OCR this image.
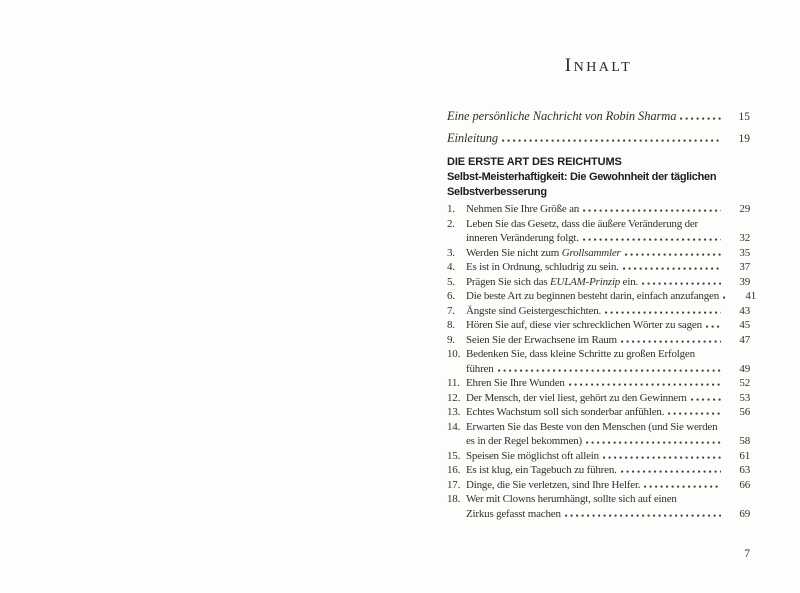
INHALT
Eine persönliche Nachricht von Robin Sharma	15
Einleitung	19
DIE ERSTE ART DES REICHTUMS
Selbst-Meisterhaftigkeit: Die Gewohnheit der täglichen
Selbstverbesserung
1.	Nehmen Sie Ihre Größe an	29
2.	Leben Sie das Gesetz, dass die äußere Veränderung der
inneren Veränderung folgt.	32
3.	Werden Sie nicht zum Grollsammler	35
4.	Es ist in Ordnung, schludrig zu sein.	37
5.	Prägen Sie sich das EULAM-Prinzip ein.	39
6.	Die beste Art zu beginnen besteht darin, einfach anzufangen	41
7.	Ängste sind Geistergeschichten.	43
8.	Hören Sie auf, diese vier schrecklichen Wörter zu sagen	45
9.	Seien Sie der Erwachsene im Raum	47
10. Bedenken Sie, dass kleine Schritte zu großen Erfolgen
führen	49
11. Ehren Sie Ihre Wunden	52
12. Der Mensch, der viel liest, gehört zu den Gewinnern	53
13. Echtes Wachstum soll sich sonderbar anfühlen.	56
14. Erwarten Sie das Beste von den Menschen (und Sie werden
es in der Regel bekommen)	58
15. Speisen Sie möglichst oft allein	61
16. Es ist klug, ein Tagebuch zu führen.	63
17. Dinge, die Sie verletzen, sind Ihre Helfer.	66
18. Wer mit Clowns herumhängt, sollte sich auf einen
Zirkus gefasst machen	69
7
